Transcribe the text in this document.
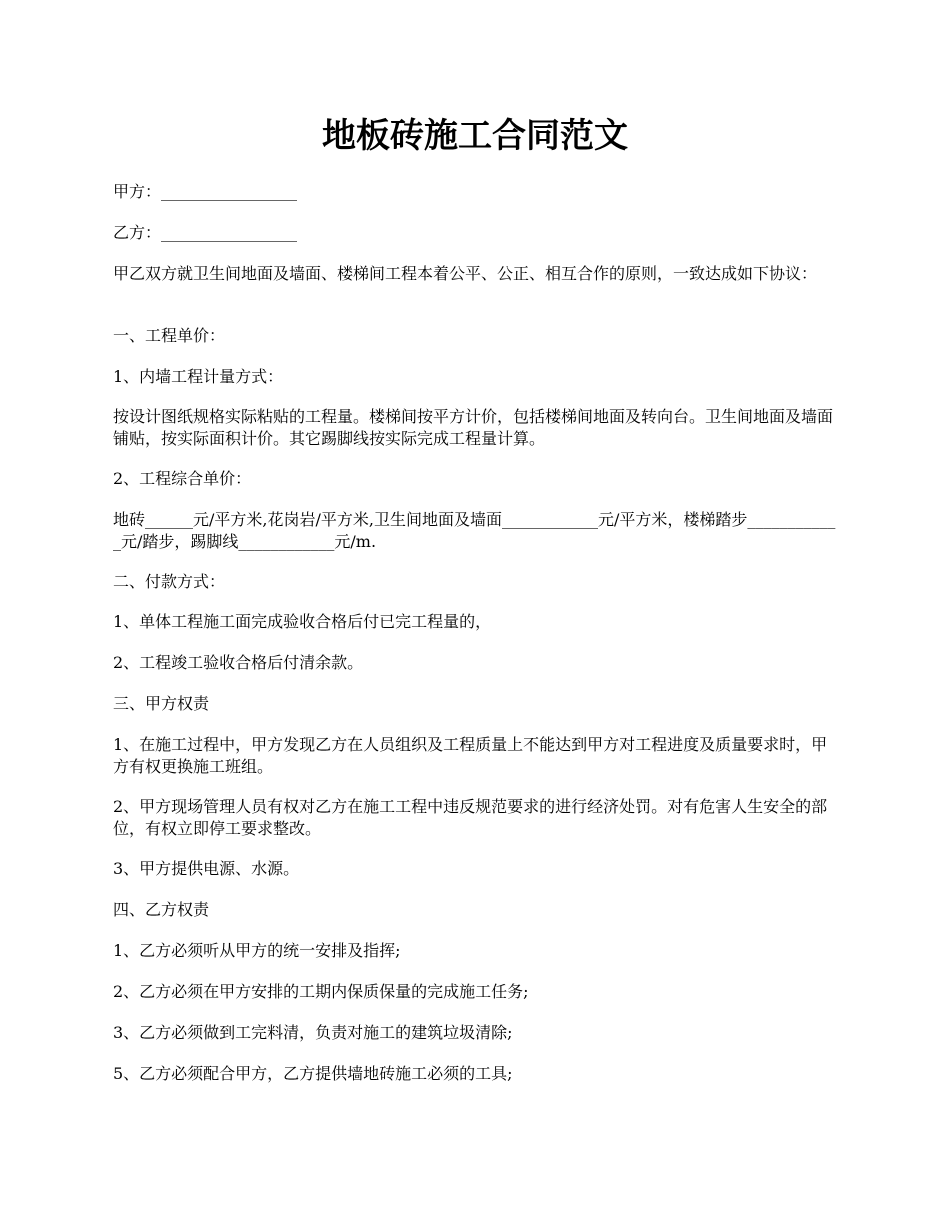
地板砖施工合同范文

甲方：_________________

乙方：_________________

甲乙双方就卫生间地面及墙面、楼梯间工程本着公平、公正、相互合作的原则，一致达成如下协议：

一、工程单价：

1、内墙工程计量方式：

按设计图纸规格实际粘贴的工程量。楼梯间按平方计价，包括楼梯间地面及转向台。卫生间地面及墙面铺贴，按实际面积计价。其它踢脚线按实际完成工程量计算。

2、工程综合单价：

地砖______元/平方米,花岗岩/平方米,卫生间地面及墙面____________元/平方米，楼梯踏步____________元/踏步，踢脚线____________元/m.

二、付款方式：

1、单体工程施工面完成验收合格后付已完工程量的，

2、工程竣工验收合格后付清余款。

三、甲方权责

1、在施工过程中，甲方发现乙方在人员组织及工程质量上不能达到甲方对工程进度及质量要求时，甲方有权更换施工班组。

2、甲方现场管理人员有权对乙方在施工工程中违反规范要求的进行经济处罚。对有危害人生安全的部位，有权立即停工要求整改。

3、甲方提供电源、水源。

四、乙方权责

1、乙方必须听从甲方的统一安排及指挥;

2、乙方必须在甲方安排的工期内保质保量的完成施工任务;

3、乙方必须做到工完料清，负责对施工的建筑垃圾清除;

5、乙方必须配合甲方，乙方提供墙地砖施工必须的工具;
